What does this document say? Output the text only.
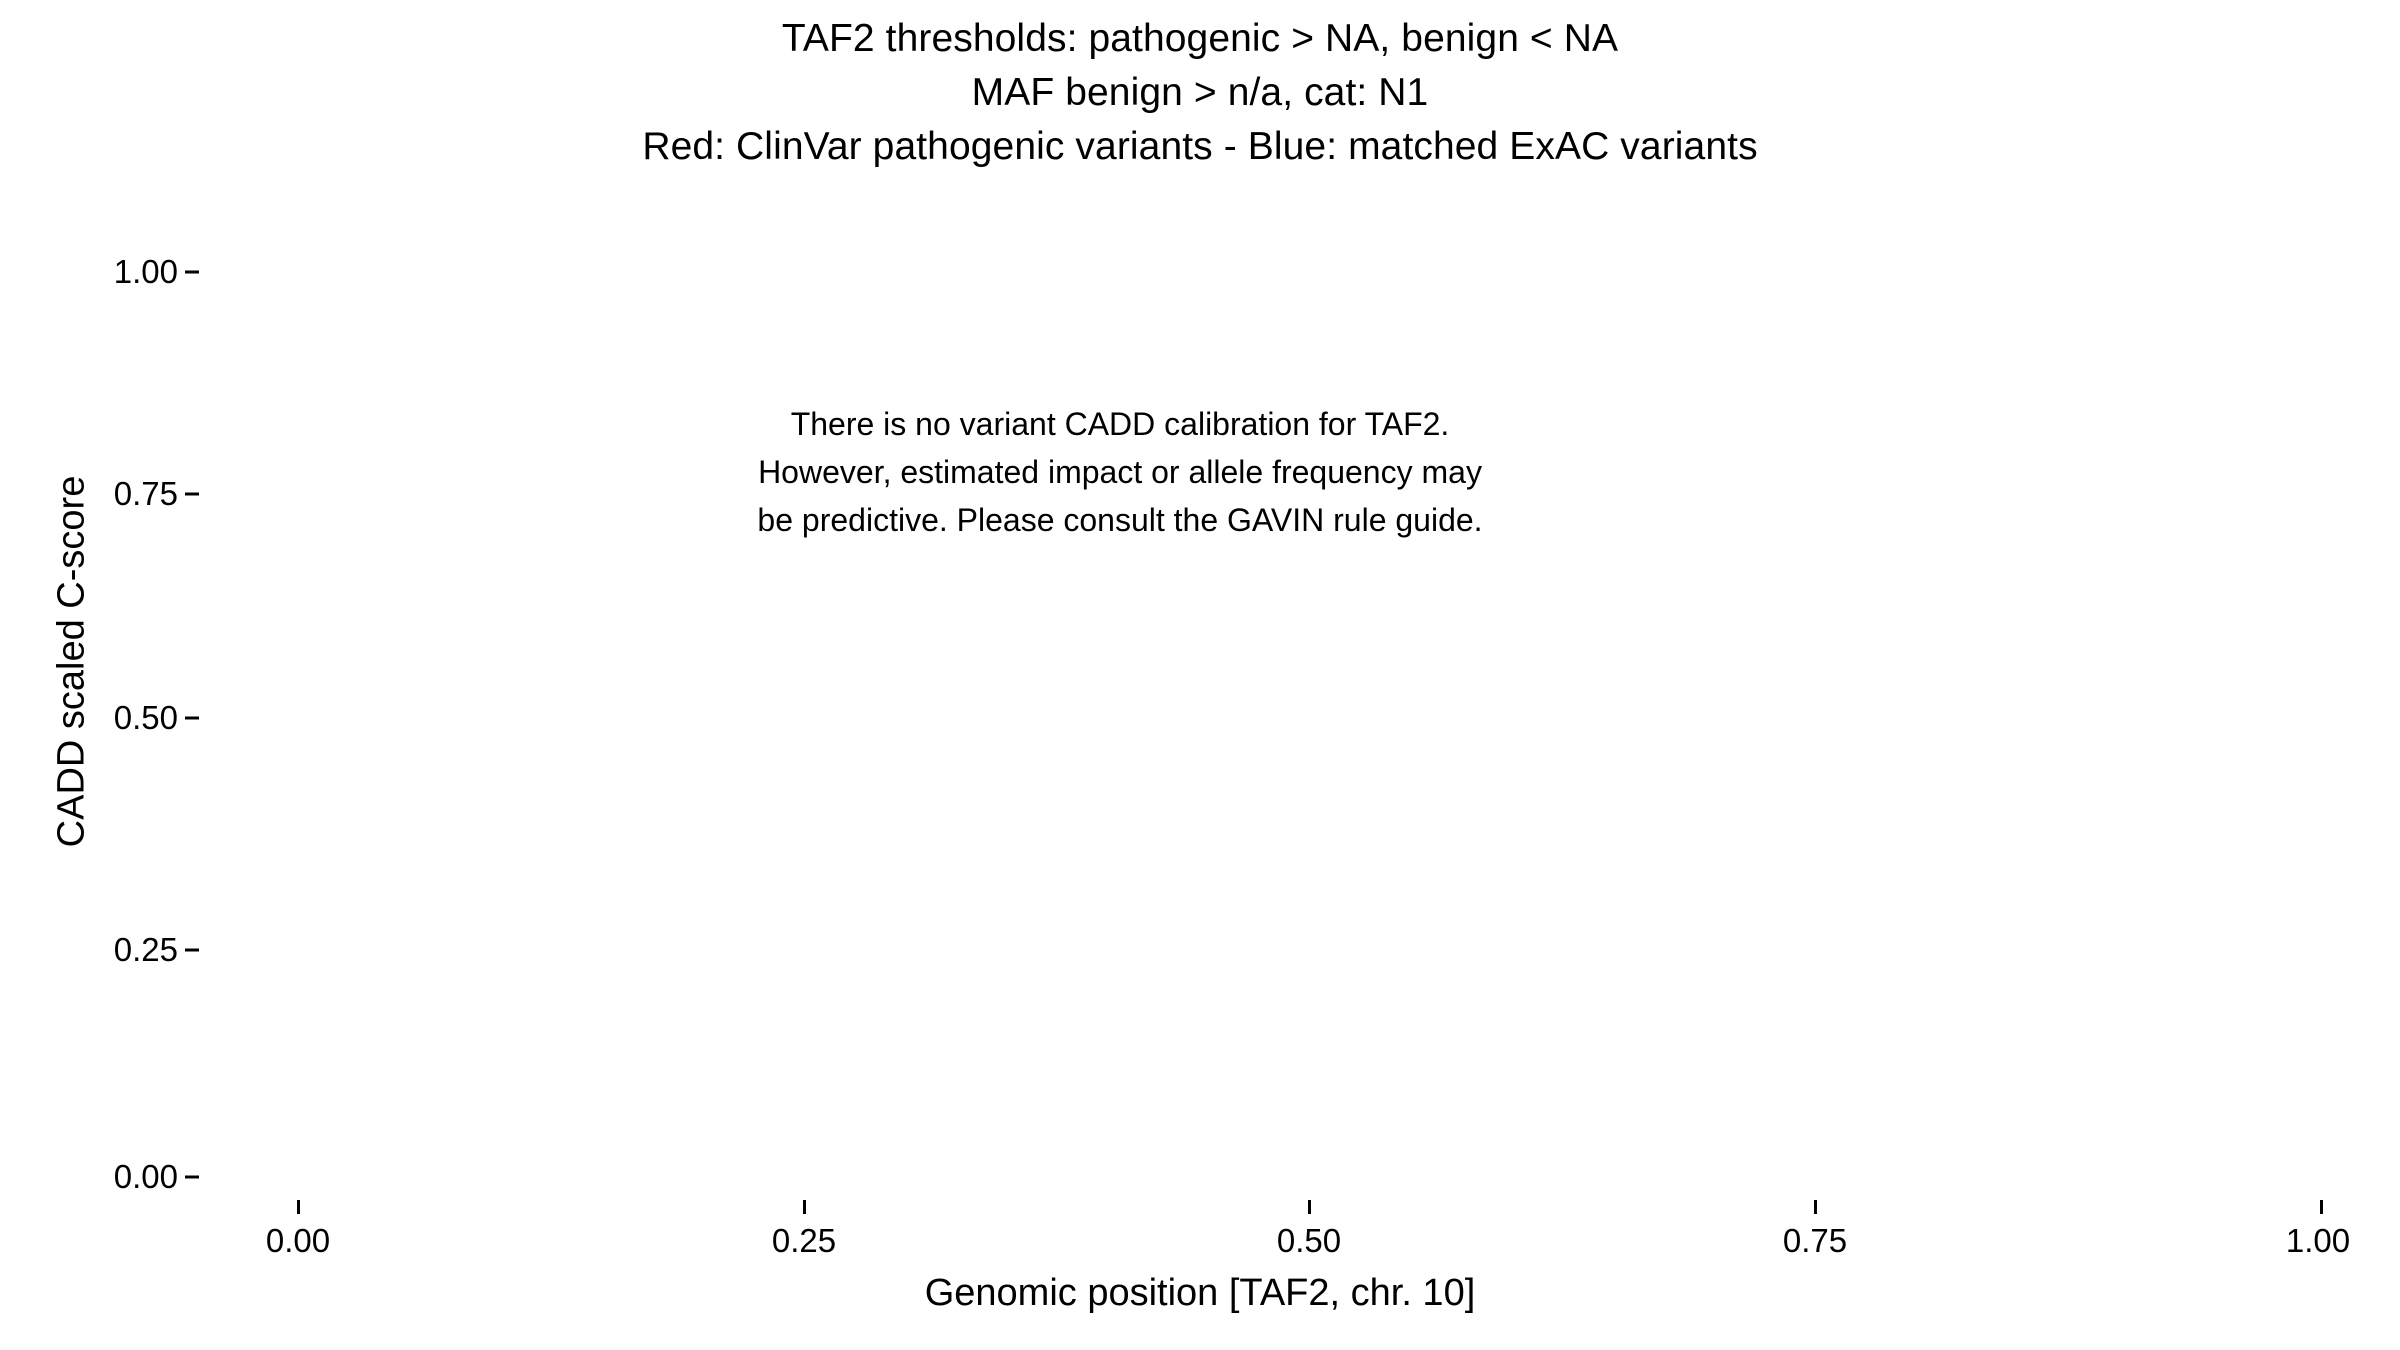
TAF2 thresholds: pathogenic > NA, benign < NA
MAF benign > n/a, cat: N1
Red: ClinVar pathogenic variants - Blue: matched ExAC variants
CADD scaled C-score
1.00
0.75
0.50
0.25
0.00
0.00	0.25	0.50	0.75	1.00
Genomic position [TAF2, chr. 10]
There is no variant CADD calibration for TAF2.
However, estimated impact or allele frequency may
be predictive. Please consult the GAVIN rule guide.
